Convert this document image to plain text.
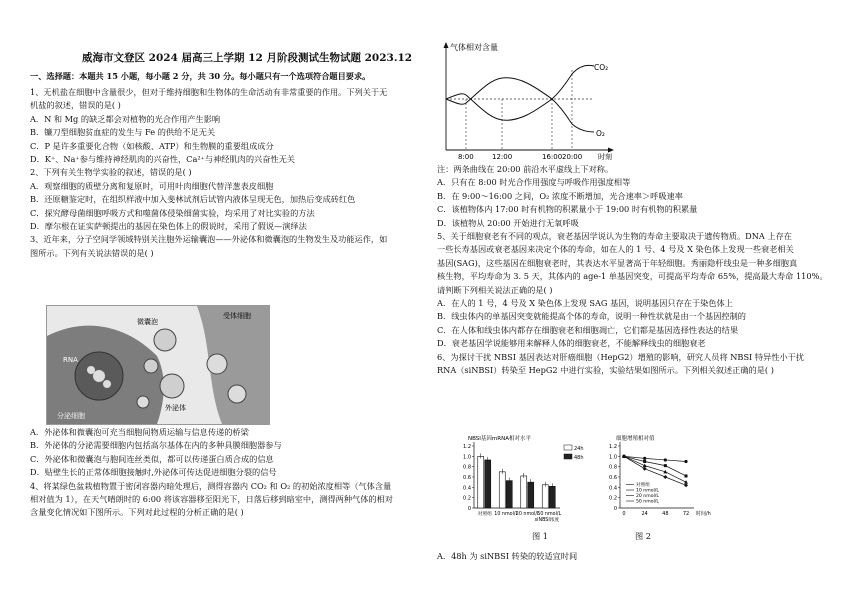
威海市文登区 2024 届高三上学期 12 月阶段测试生物试题 2023.12
一、选择题：本题共 15 小题，每小题 2 分，共 30 分。每小题只有一个选项符合题目要求。
1、无机盐在细胞中含量很少，但对于维持细胞和生物体的生命活动有非常重要的作用。下列关于无
机盐的叙述，错误的是( )
A．N 和 Mg 的缺乏都会对植物的光合作用产生影响
B．镰刀型细胞贫血症的发生与 Fe 的供给不足无关
C．P 是许多重要化合物（如核酸、ATP）和生物膜的重要组成成分
D．K⁺、Na⁺参与维持神经肌肉的兴奋性，Ca²⁺与神经肌肉的兴奋性无关
2、下列有关生物学实验的叙述，错误的是( )
A．观察细胞的质壁分离和复原时，可用叶肉细胞代替洋葱表皮细胞
B．还原糖鉴定时，在组织样液中加入斐林试剂后试管内液体呈现无色，加热后变成砖红色
C．探究酵母菌细胞呼吸方式和噬菌体侵染细菌实验，均采用了对比实验的方法
D．摩尔根在证实萨顿提出的基因在染色体上的假说时，采用了假说—演绎法
3、近年来，分子空间学领域特别关注胞外运输囊泡——外泌体和微囊泡的生物发生及功能运作，如
图所示。下列有关说法错误的是( )
微囊泡
受体细胞
RNA
外泌体
分泌细胞
A．外泌体和微囊泡可充当细胞间物质运输与信息传递的桥梁
B．外泌体的分泌需要细胞内包括高尔基体在内的多种具膜细胞器参与
C．外泌体和微囊泡与胞间连丝类似，都可以传递蛋白质合成的信息
D．贴壁生长的正常体细胞接触时,外泌体可传达促进细胞分裂的信号
4、将某绿色盆栽植物置于密闭容器内暗处理后，测得容器内 CO₂ 和 O₂ 的初始浓度相等（气体含量
相对值为 1），在天气晴朗时的 6:00 将该容器移至阳光下，日落后移到暗室中，测得两种气体的相对
含量变化情况如下图所示。下列对此过程的分析正确的是( )
气体相对含量
CO₂
O₂
8:00	12:00	16:00 20:00 时刻
注：两条曲线在 20:00 前沿水平虚线上下对称。
A．只有在 8:00 时光合作用强度与呼吸作用强度相等
B．在 9:00～16:00 之间，O₂ 浓度不断增加，光合速率＞呼吸速率
C．该植物体内 17:00 时有机物的积累量小于 19:00 时有机物的积累量
D．该植物从 20:00 开始进行无氧呼吸
5、关于细胞衰老有不同的观点，衰老基因学说认为生物的寿命主要取决于遗传物质。DNA 上存在
一些长寿基因或衰老基因来决定个体的寿命，如在人的 1 号、4 号及 X 染色体上发现一些衰老相关
基因(SAG)，这些基因在细胞衰老时，其表达水平显著高于年轻细胞。秀丽隐杆线虫是一种多细胞真
核生物，平均寿命为 3. 5 天，其体内的 age-1 单基因突变，可提高平均寿命 65%，提高最大寿命 110%。
请判断下列相关说法正确的是( )
A．在人的 1 号，4 号及 X 染色体上发现 SAG 基因，说明基因只存在于染色体上
B．线虫体内的单基因突变就能提高个体的寿命，说明一种性状就是由一个基因控制的
C．在人体和线虫体内都存在细胞衰老和细胞凋亡，它们都是基因选择性表达的结果
D．衰老基因学说能够用来解释人体的细胞衰老，不能解释线虫的细胞衰老
6、为探讨干扰 NBSI 基因表达对肝癌细胞（HepG2）增殖的影响，研究人员将 NBSI 特异性小干扰
RNA（siNBSI）转染至 HepG2 中进行实验，实验结果如图所示。下列相关叙述正确的是( )
NBSI基因mRNA相对水平
0
0.2
0.4
0.6
0.8
1.0
1.2
对照组 10 nmol/L
20 nmol/L
50 nmol/L
siNBSI浓度
24h
48h
图 1
细胞增殖相对值
0
0.2
0.4
0.6
0.8
1.0
1.2
0	24	48	72 时间/h
对照组
10 nmol/L
20 nmol/L
50 nmol/L
图 2
A．48h 为 siNBSI 转染的较适宜时间
